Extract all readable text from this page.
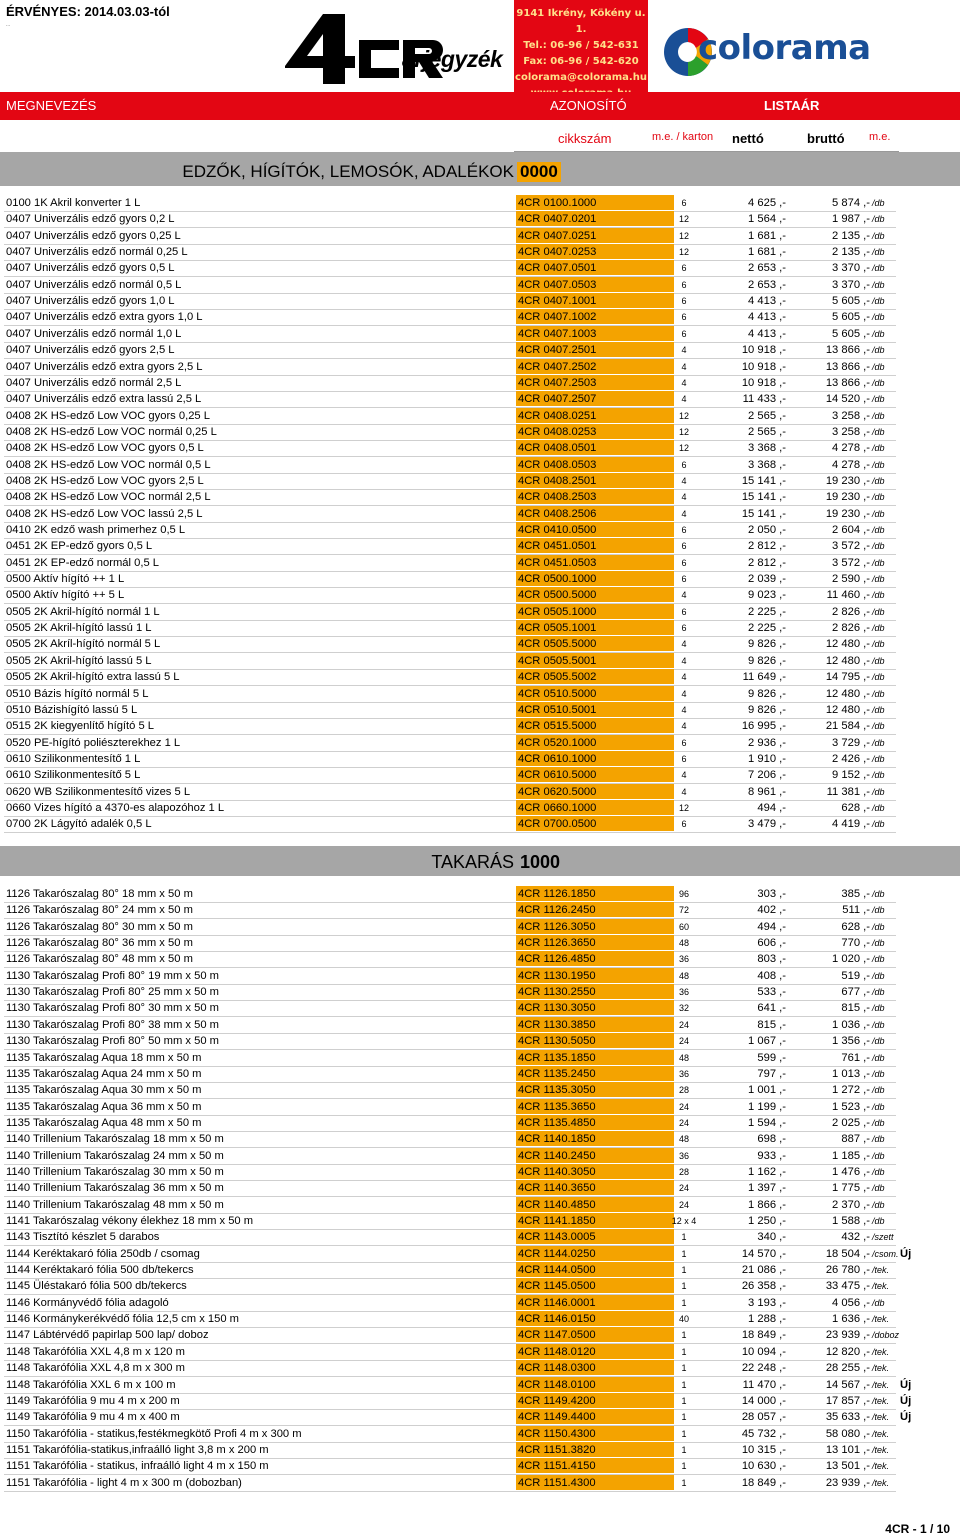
ÉRVÉNYES: 2014.03.03-tól
...
árjegyzék
9141 Ikrény, Kökény u. 1.
Tel.: 06-96 / 542-631
Fax: 06-96 / 542-620
colorama@colorama.hu
colorama
MEGNEVEZÉS	AZONOSÍTÓ	LISTAÁR
cikkszám	m.e. / karton nettó	bruttó m.e.
EDZŐK, HÍGÍTÓK, LEMOSÓK, ADALÉKOK 0000
0100 1K Akril konverter 1 L	4CR 0100.1000	6	4 625 ,-	5 874 ,- /db
0407 Univerzális edző gyors 0,2 L	4CR 0407.0201	12	1 564 ,-	1 987 ,- /db
0407 Univerzális edző gyors 0,25 L	4CR 0407.0251	12	1 681 ,-	2 135 ,- /db
0407 Univerzális edző normál 0,25 L	4CR 0407.0253	12	1 681 ,-	2 135 ,- /db
0407 Univerzális edző gyors 0,5 L	4CR 0407.0501	6	2 653 ,-	3 370 ,- /db
0407 Univerzális edző normál 0,5 L	4CR 0407.0503	6	2 653 ,-	3 370 ,- /db
0407 Univerzális edző gyors 1,0 L	4CR 0407.1001	6	4 413 ,-	5 605 ,- /db
0407 Univerzális edző extra gyors 1,0 L	4CR 0407.1002	6	4 413 ,-	5 605 ,- /db
0407 Univerzális edző normál 1,0 L	4CR 0407.1003	6	4 413 ,-	5 605 ,- /db
0407 Univerzális edző gyors 2,5 L	4CR 0407.2501	4	10 918 ,-	13 866 ,- /db
0407 Univerzális edző extra gyors 2,5 L	4CR 0407.2502	4	10 918 ,-	13 866 ,- /db
0407 Univerzális edző normál 2,5 L	4CR 0407.2503	4	10 918 ,-	13 866 ,- /db
0407 Univerzális edző extra lassú 2,5 L	4CR 0407.2507	4	11 433 ,-	14 520 ,- /db
0408 2K HS-edző Low VOC gyors 0,25 L	4CR 0408.0251	12	2 565 ,-	3 258 ,- /db
0408 2K HS-edző Low VOC normál 0,25 L	4CR 0408.0253	12	2 565 ,-	3 258 ,- /db
0408 2K HS-edző Low VOC gyors 0,5 L	4CR 0408.0501	12	3 368 ,-	4 278 ,- /db
0408 2K HS-edző Low VOC normál 0,5 L	4CR 0408.0503	6	3 368 ,-	4 278 ,- /db
0408 2K HS-edző Low VOC gyors 2,5 L	4CR 0408.2501	4	15 141 ,-	19 230 ,- /db
0408 2K HS-edző Low VOC normál 2,5 L	4CR 0408.2503	4	15 141 ,-	19 230 ,- /db
0408 2K HS-edző Low VOC lassú 2,5 L	4CR 0408.2506	4	15 141 ,-	19 230 ,- /db
0410 2K edző wash primerhez 0,5 L	4CR 0410.0500	6	2 050 ,-	2 604 ,- /db
0451 2K EP-edző gyors 0,5 L	4CR 0451.0501	6	2 812 ,-	3 572 ,- /db
0451 2K EP-edző normál 0,5 L	4CR 0451.0503	6	2 812 ,-	3 572 ,- /db
0500 Aktív hígító ++ 1 L	4CR 0500.1000	6	2 039 ,-	2 590 ,- /db
0500 Aktív hígító ++ 5 L	4CR 0500.5000	4	9 023 ,-	11 460 ,- /db
0505 2K Akril-hígító normál 1 L	4CR 0505.1000	6	2 225 ,-	2 826 ,- /db
0505 2K Akril-hígító lassú 1 L	4CR 0505.1001	6	2 225 ,-	2 826 ,- /db
0505 2K Akríl-hígító normál 5 L	4CR 0505.5000	4	9 826 ,-	12 480 ,- /db
0505 2K Akril-hígító lassú 5 L	4CR 0505.5001	4	9 826 ,-	12 480 ,- /db
0505 2K Akril-hígító extra lassú 5 L	4CR 0505.5002	4	11 649 ,-	14 795 ,- /db
0510 Bázis hígító normál 5 L	4CR 0510.5000	4	9 826 ,-	12 480 ,- /db
0510 Bázishígító lassú 5 L	4CR 0510.5001	4	9 826 ,-	12 480 ,- /db
0515 2K kiegyenlítő hígító 5 L	4CR 0515.5000	4	16 995 ,-	21 584 ,- /db
0520 PE-hígító poliészterekhez 1 L	4CR 0520.1000	6	2 936 ,-	3 729 ,- /db
0610 Szilikonmentesítő 1 L	4CR 0610.1000	6	1 910 ,-	2 426 ,- /db
0610 Szilikonmentesítő 5 L	4CR 0610.5000	4	7 206 ,-	9 152 ,- /db
0620 WB Szilikonmentesítő vizes 5 L	4CR 0620.5000	4	8 961 ,-	11 381 ,- /db
0660 Vizes hígító a 4370-es alapozóhoz 1 L	4CR 0660.1000	12	494 ,-	628 ,- /db
0700 2K Lágyító adalék 0,5 L	4CR 0700.0500	6	3 479 ,-	4 419 ,- /db
TAKARÁS 1000
1126 Takarószalag 80° 18 mm x 50 m	4CR 1126.1850	96	303 ,-	385 ,- /db
1126 Takarószalag 80° 24 mm x 50 m	4CR 1126.2450	72	402 ,-	511 ,- /db
1126 Takarószalag 80° 30 mm x 50 m	4CR 1126.3050	60	494 ,-	628 ,- /db
1126 Takarószalag 80° 36 mm x 50 m	4CR 1126.3650	48	606 ,-	770 ,- /db
1126 Takarószalag 80° 48 mm x 50 m	4CR 1126.4850	36	803 ,-	1 020 ,- /db
1130 Takarószalag Profi 80° 19 mm x 50 m	4CR 1130.1950	48	408 ,-	519 ,- /db
1130 Takarószalag Profi 80° 25 mm x 50 m	4CR 1130.2550	36	533 ,-	677 ,- /db
1130 Takarószalag Profi 80° 30 mm x 50 m	4CR 1130.3050	32	641 ,-	815 ,- /db
1130 Takarószalag Profi 80° 38 mm x 50 m	4CR 1130.3850	24	815 ,-	1 036 ,- /db
1130 Takarószalag Profi 80° 50 mm x 50 m	4CR 1130.5050	24	1 067 ,-	1 356 ,- /db
1135 Takarószalag Aqua 18 mm x 50 m	4CR 1135.1850	48	599 ,-	761 ,- /db
1135 Takarószalag Aqua 24 mm x 50 m	4CR 1135.2450	36	797 ,-	1 013 ,- /db
1135 Takarószalag Aqua 30 mm x 50 m	4CR 1135.3050	28	1 001 ,-	1 272 ,- /db
1135 Takarószalag Aqua 36 mm x 50 m	4CR 1135.3650	24	1 199 ,-	1 523 ,- /db
1135 Takarószalag Aqua 48 mm x 50 m	4CR 1135.4850	24	1 594 ,-	2 025 ,- /db
1140 Trillenium Takarószalag 18 mm x 50 m	4CR 1140.1850	48	698 ,-	887 ,- /db
1140 Trillenium Takarószalag 24 mm x 50 m	4CR 1140.2450	36	933 ,-	1 185 ,- /db
1140 Trillenium Takarószalag 30 mm x 50 m	4CR 1140.3050	28	1 162 ,-	1 476 ,- /db
1140 Trillenium Takarószalag 36 mm x 50 m	4CR 1140.3650	24	1 397 ,-	1 775 ,- /db
1140 Trillenium Takarószalag 48 mm x 50 m	4CR 1140.4850	24	1 866 ,-	2 370 ,- /db
1141 Takarószalag vékony élekhez 18 mm x 50 m	4CR 1141.1850	12 x 4	1 250 ,-	1 588 ,- /db
1143 Tisztító készlet 5 darabos	4CR 1143.0005	1	340 ,-	432 ,- /szett
1144 Keréktakaró fólia 250db / csomag	4CR 1144.0250	1	14 570 ,-	18 504 ,- /csom. Új
1144 Keréktakaró fólia 500 db/tekercs	4CR 1144.0500	1	21 086 ,-	26 780 ,- /tek.
1145 Üléstakaró fólia 500 db/tekercs	4CR 1145.0500	1	26 358 ,-	33 475 ,- /tek.
1146 Kormányvédő fólia adagoló	4CR 1146.0001	1	3 193 ,-	4 056 ,- /db
1146 Kormánykerékvédő fólia 12,5 cm x 150 m	4CR 1146.0150	40	1 288 ,-	1 636 ,- /tek.
1147 Lábtérvédő papirlap 500 lap/ doboz	4CR 1147.0500	1	18 849 ,-	23 939 ,- /doboz
1148 Takarófólia XXL 4,8 m x 120 m	4CR 1148.0120	1	10 094 ,-	12 820 ,- /tek.
1148 Takarófólia XXL 4,8 m x 300 m	4CR 1148.0300	1	22 248 ,-	28 255 ,- /tek.
1148 Takarófólia XXL 6 m x 100 m	4CR 1148.0100	1	11 470 ,-	14 567 ,- /tek. Új
1149 Takarófólia 9 mu 4 m x 200 m	4CR 1149.4200	1	14 000 ,-	17 857 ,- /tek. Új
1149 Takarófólia 9 mu 4 m x 400 m	4CR 1149.4400	1	28 057 ,-	35 633 ,- /tek. Új
1150 Takarófólia - statikus,festékmegkötő Profi 4 m x 300 m	4CR 1150.4300	1	45 732 ,-	58 080 ,- /tek.
1151 Takarófólia-statikus,infraálló light 3,8 m x 200 m	4CR 1151.3820	1	10 315 ,-	13 101 ,- /tek.
1151 Takarófólia - statikus, infraálló light 4 m x 150 m	4CR 1151.4150	1	10 630 ,-	13 501 ,- /tek.
1151 Takarófólia - light 4 m x 300 m (dobozban)	4CR 1151.4300	1	18 849 ,-	23 939 ,- /tek.
4CR - 1 / 10
